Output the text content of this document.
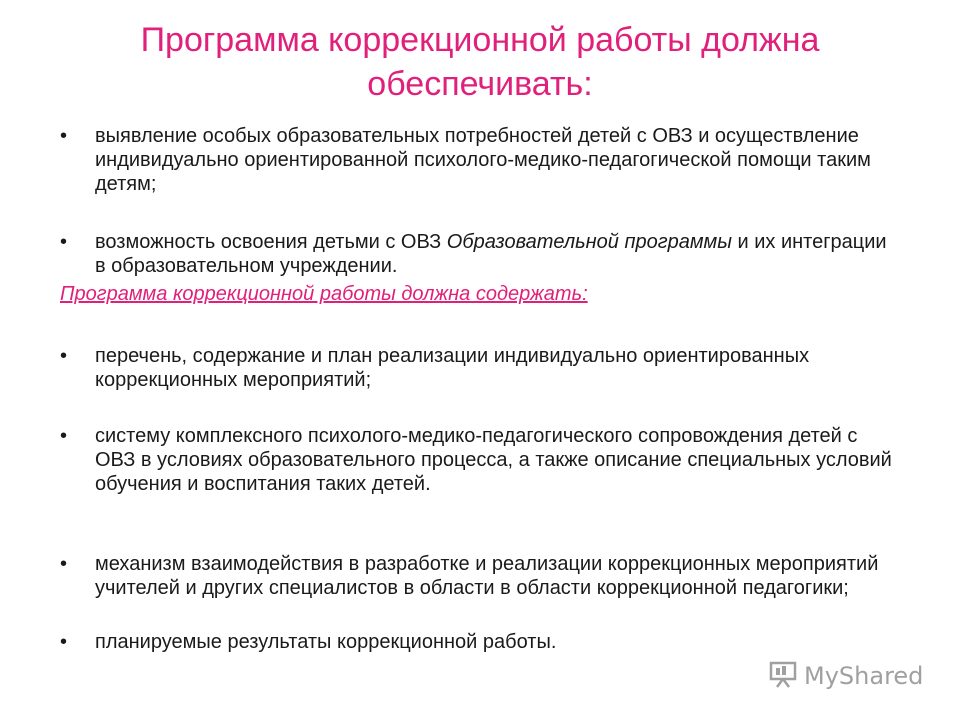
Программа коррекционной работы должна обеспечивать:
•	выявление особых образовательных потребностей детей с ОВЗ и осуществление индивидуально ориентированной психолого-медико-педагогической помощи таким детям;
•	возможность освоения детьми с ОВЗ Образовательной программы и их интеграции в образовательном учреждении.
Программа коррекционной работы должна содержать:
•	перечень, содержание и план реализации индивидуально ориентированных коррекционных мероприятий;
•	систему комплексного психолого-медико-педагогического сопровождения детей с ОВЗ в условиях образовательного процесса, а также описание специальных условий обучения и воспитания таких детей.
•	механизм взаимодействия в разработке и реализации коррекционных мероприятий учителей и других специалистов в области в области коррекционной педагогики;
•	планируемые результаты коррекционной работы.
MyShared
